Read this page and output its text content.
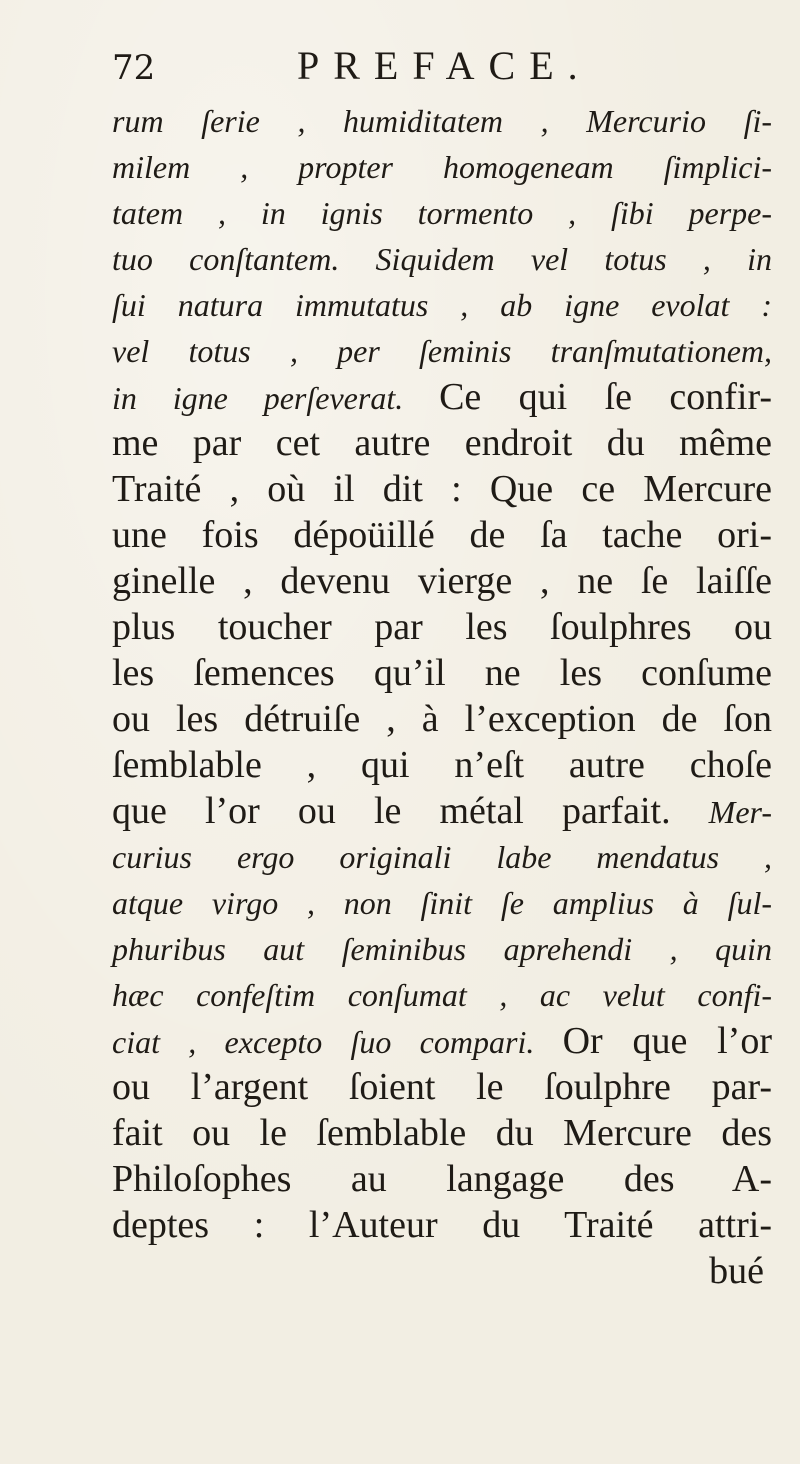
72	PREFACE.
rum ſerie , humiditatem , Mercurio ſi-
milem , propter homogeneam ſimplici-
tatem , in ignis tormento , ſibi perpe-
tuo conſtantem. Siquidem vel totus , in
ſui natura immutatus , ab igne evolat :
vel totus , per ſeminis tranſmutationem,
in igne perſeverat. Ce qui ſe confir-
me par cet autre endroit du même
Traité , où il dit : Que ce Mercure
une fois dépoüillé de ſa tache ori-
ginelle , devenu vierge , ne ſe laiſſe
plus toucher par les ſoulphres ou
les ſemences qu’il ne les conſume
ou les détruiſe , à l’exception de ſon
ſemblable , qui n’eſt autre choſe
que l’or ou le métal parfait. Mer-
curius ergo originali labe mendatus ,
atque virgo , non ſinit ſe amplius à ſul-
phuribus aut ſeminibus aprehendi , quin
hæc confeſtim conſumat , ac velut confi-
ciat , excepto ſuo compari. Or que l’or
ou l’argent ſoient le ſoulphre par-
fait ou le ſemblable du Mercure des
Philoſophes au langage des A-
deptes : l’Auteur du Traité attri-
bué
